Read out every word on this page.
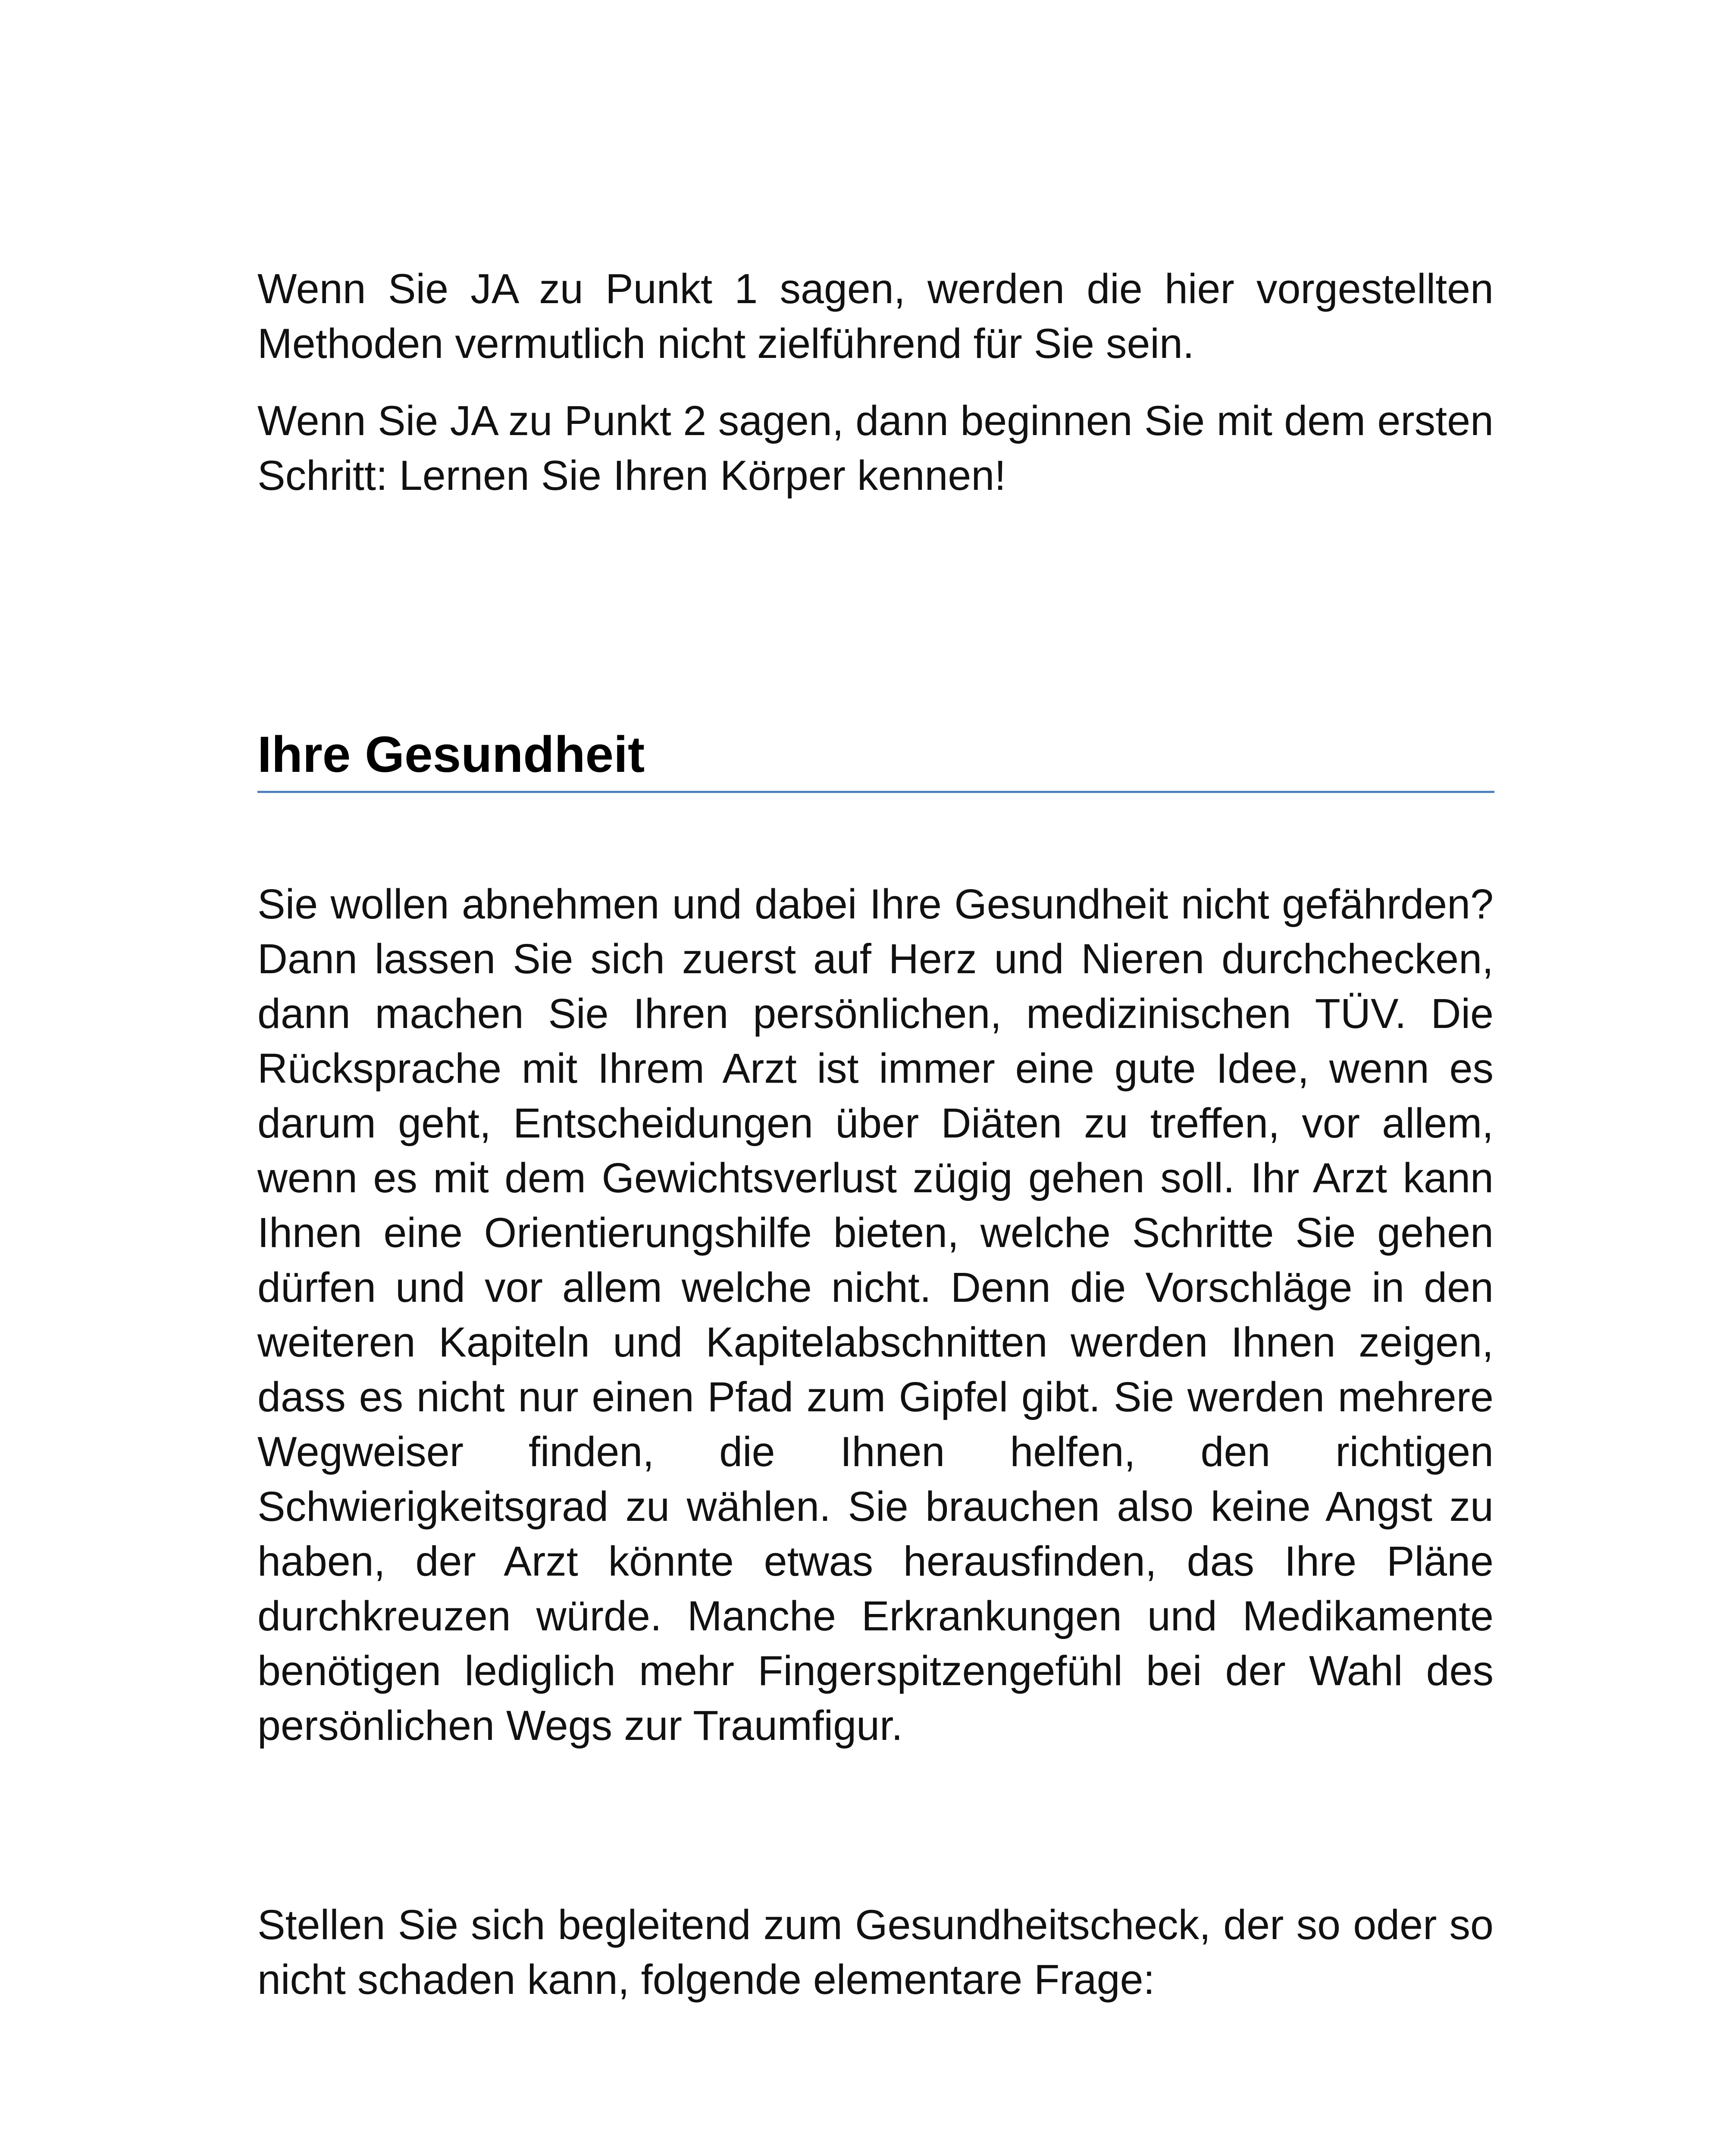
Wenn Sie JA zu Punkt 1 sagen, werden die hier vorgestellten Methoden vermutlich nicht zielführend für Sie sein.

Wenn Sie JA zu Punkt 2 sagen, dann beginnen Sie mit dem ersten Schritt: Lernen Sie Ihren Körper kennen!

Ihre Gesundheit

Sie wollen abnehmen und dabei Ihre Gesundheit nicht gefährden? Dann lassen Sie sich zuerst auf Herz und Nieren durchchecken, dann machen Sie Ihren persönlichen, medizinischen TÜV. Die Rücksprache mit Ihrem Arzt ist immer eine gute Idee, wenn es darum geht, Entscheidungen über Diäten zu treffen, vor allem, wenn es mit dem Gewichtsverlust zügig gehen soll. Ihr Arzt kann Ihnen eine Orientierungshilfe bieten, welche Schritte Sie gehen dürfen und vor allem welche nicht. Denn die Vorschläge in den weiteren Kapiteln und Kapitelabschnitten werden Ihnen zeigen, dass es nicht nur einen Pfad zum Gipfel gibt. Sie werden mehrere Wegweiser finden, die Ihnen helfen, den richtigen Schwierigkeitsgrad zu wählen. Sie brauchen also keine Angst zu haben, der Arzt könnte etwas herausfinden, das Ihre Pläne durchkreuzen würde. Manche Erkrankungen und Medikamente benötigen lediglich mehr Fingerspitzengefühl bei der Wahl des persönlichen Wegs zur Traumfigur.

Stellen Sie sich begleitend zum Gesundheitscheck, der so oder so nicht schaden kann, folgende elementare Frage:
